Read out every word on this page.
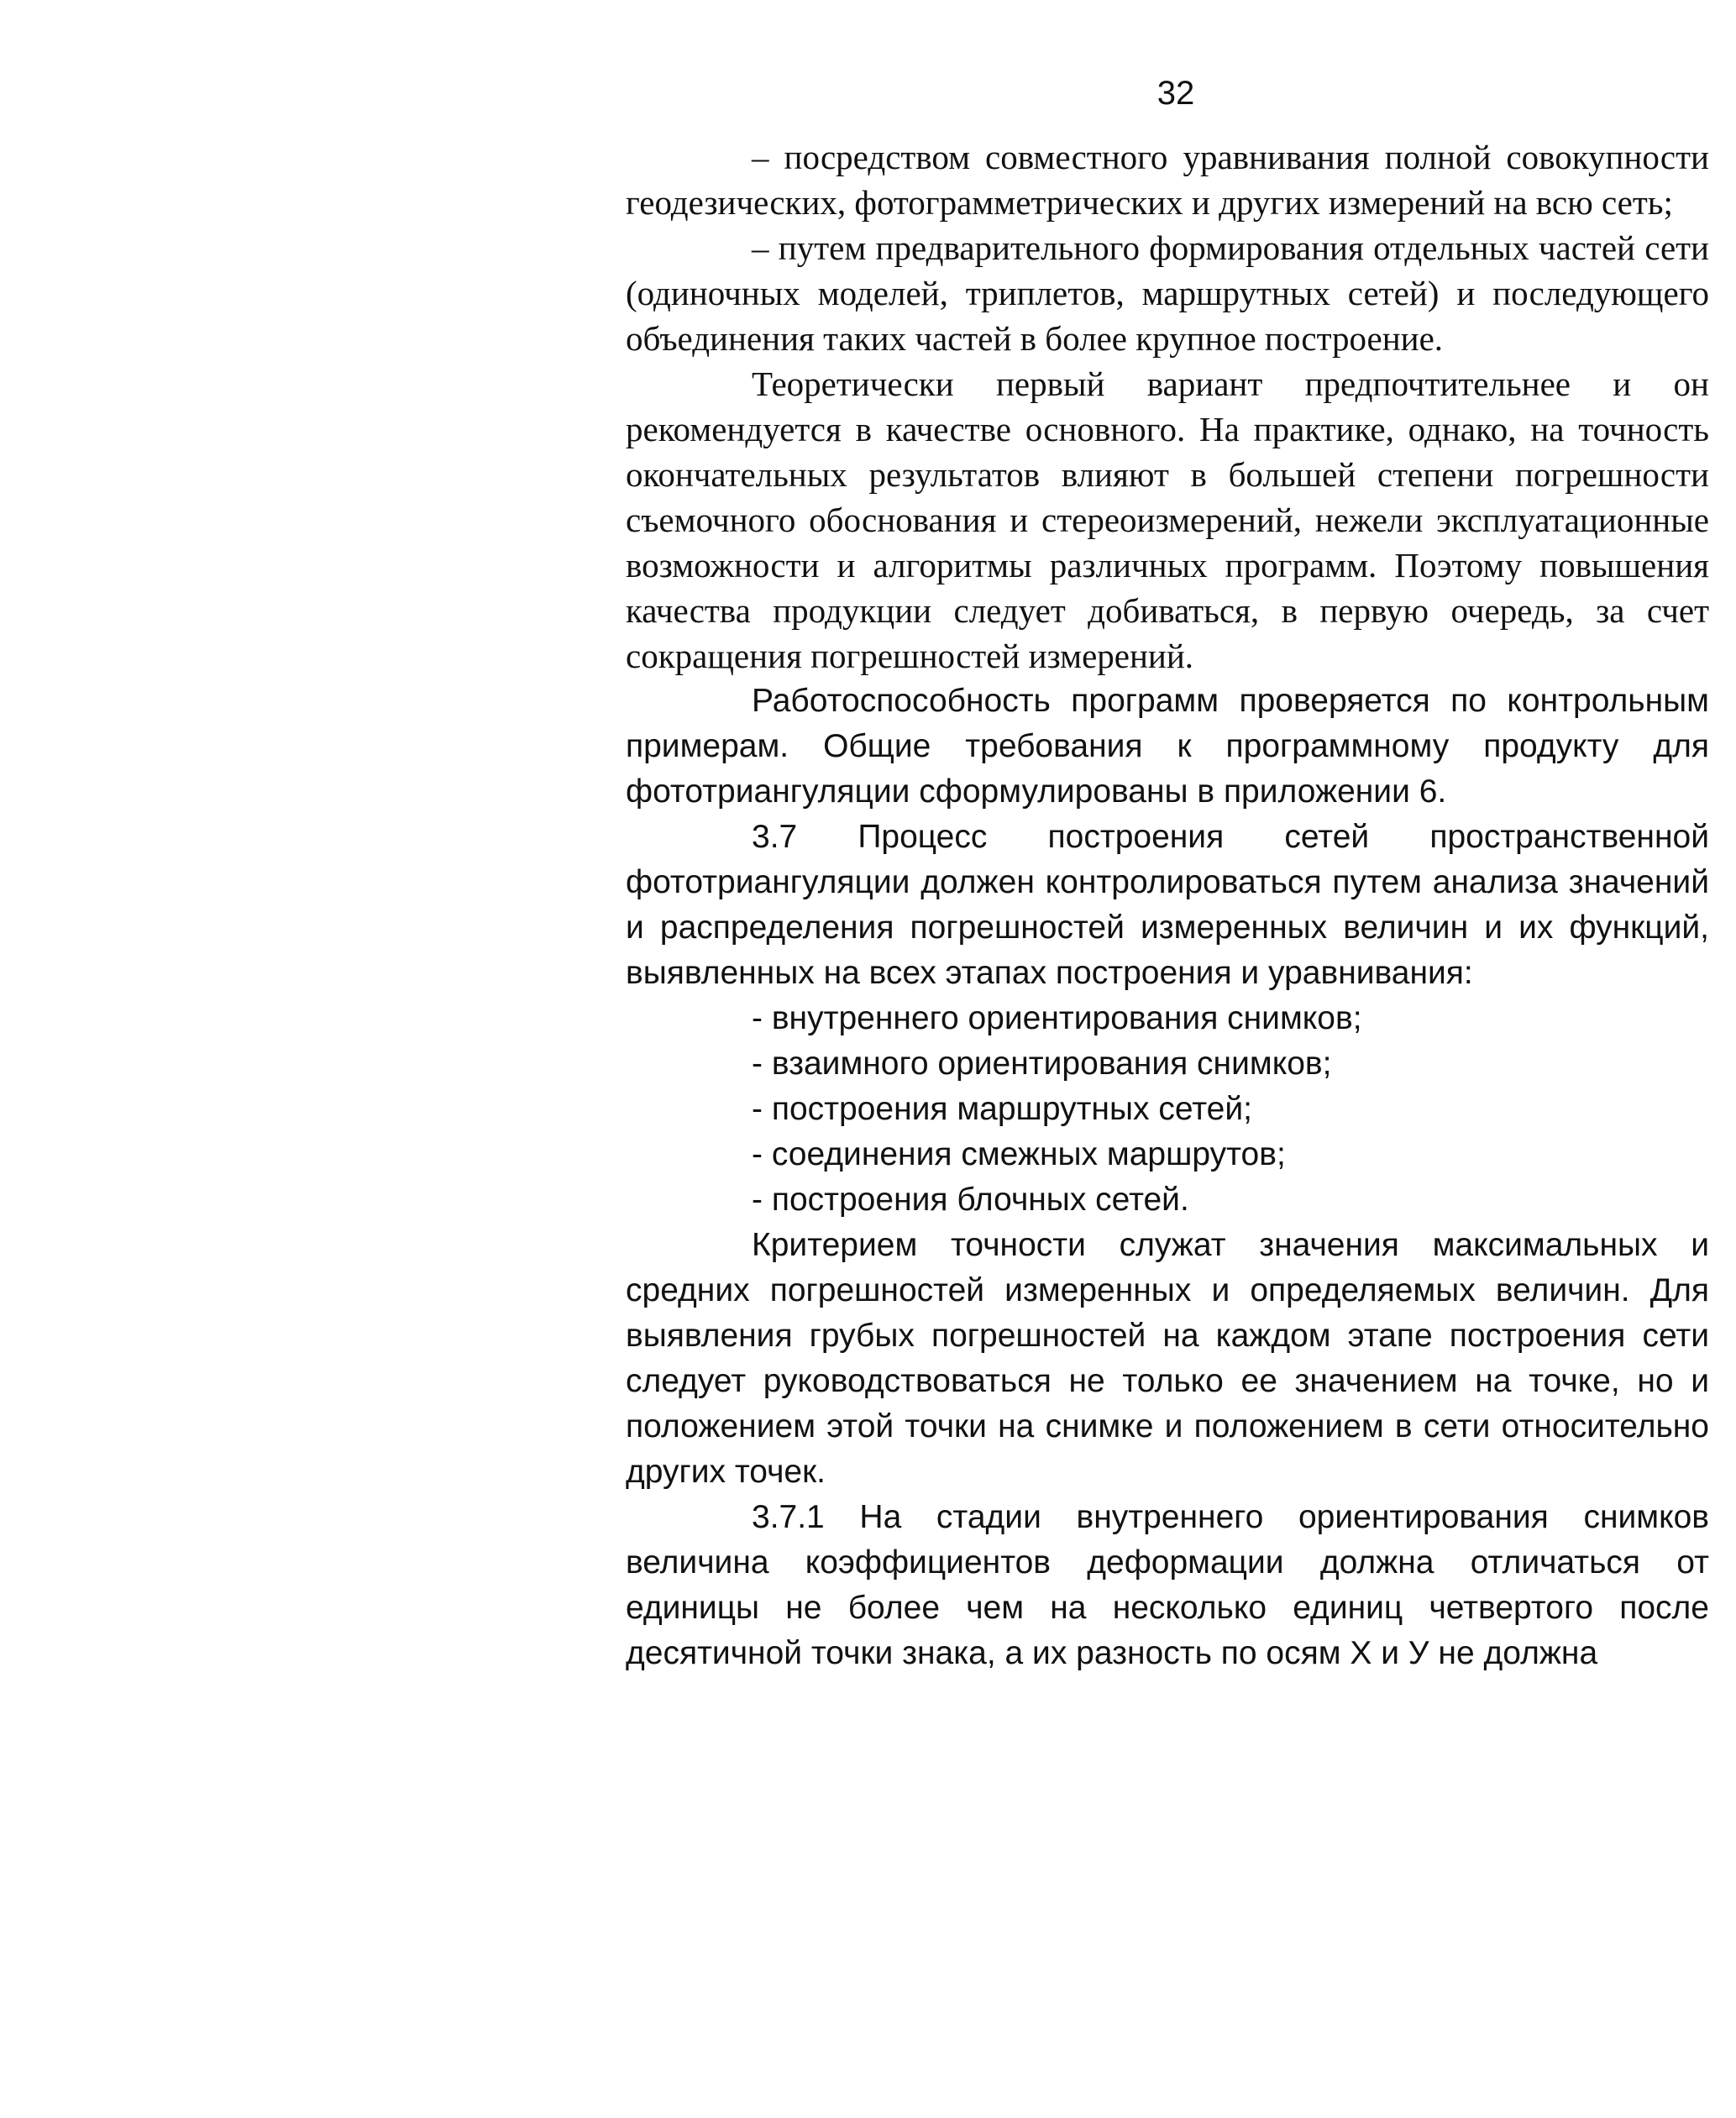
32

– посредством совместного уравнивания полной совокупности геодезических, фотограмметрических и других измерений на всю сеть;

– путем предварительного формирования отдельных частей сети (одиночных моделей, триплетов, маршрутных сетей) и последующего объединения таких частей в более крупное построение.

Теоретически первый вариант предпочтительнее и он рекомендуется в качестве основного. На практике, однако, на точность окончательных результатов влияют в большей степени погрешности съемочного обоснования и стереоизмерений, нежели эксплуатационные возможности и алгоритмы различных программ. Поэтому повышения качества продукции следует добиваться, в первую очередь, за счет сокращения погрешностей измерений.

Работоспособность программ проверяется по контрольным примерам. Общие требования к программному продукту для фототриангуляции сформулированы в приложении 6.

3.7 Процесс построения сетей пространственной фототриангуляции должен контролироваться путем анализа значений и распределения погрешностей измеренных величин и их функций, выявленных на всех этапах построения и уравнивания:

- внутреннего ориентирования снимков;

- взаимного ориентирования снимков;

- построения маршрутных сетей;

- соединения смежных маршрутов;

- построения блочных сетей.

Критерием точности служат значения максимальных и средних погрешностей измеренных и определяемых величин. Для выявления грубых погрешностей на каждом этапе построения сети следует руководствоваться не только ее значением на точке, но и положением этой точки на снимке и положением в сети относительно других точек.

3.7.1 На стадии внутреннего ориентирования снимков величина коэффициентов деформации должна отличаться от единицы не более чем на несколько единиц четвертого после десятичной точки знака, а их разность по осям X и У не должна
